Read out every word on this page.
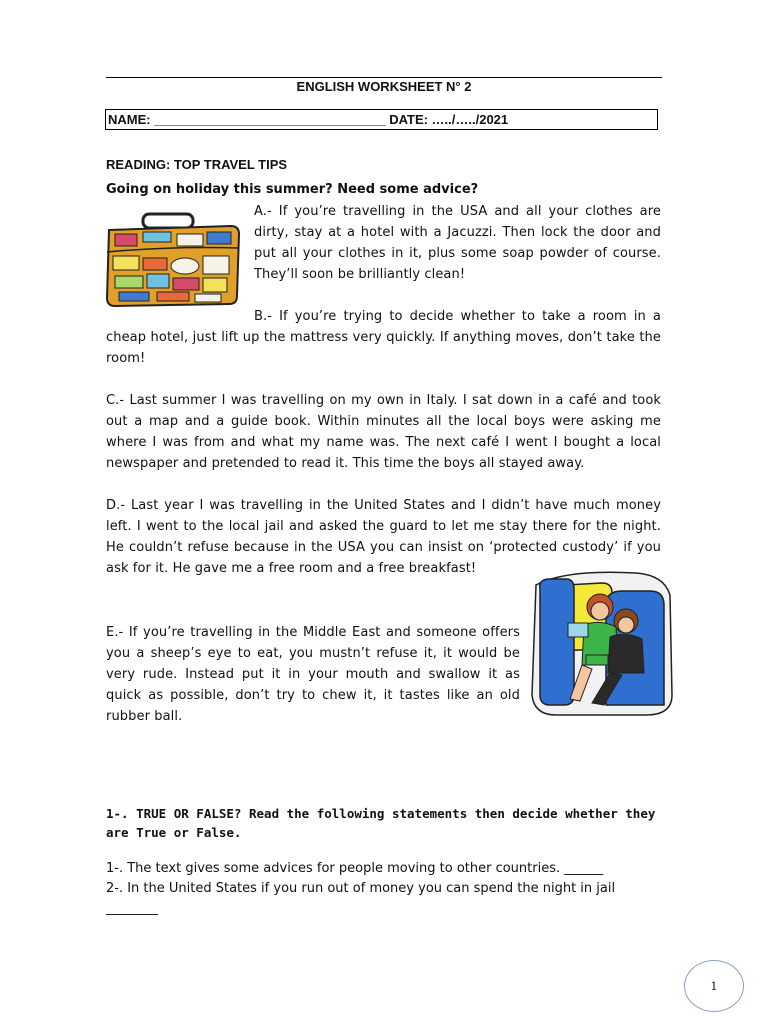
ENGLISH WORKSHEET N° 2
NAME: ________________________________ DATE: …../…../2021
READING: TOP TRAVEL TIPS
Going on holiday this summer? Need some advice?

A.- If you’re travelling in the USA and all your clothes are dirty, stay at a hotel with a Jacuzzi. Then lock the door and put all your clothes in it, plus some soap powder of course. They’ll soon be brilliantly clean!

B.- If you’re trying to decide whether to take a room in a cheap hotel, just lift up the mattress very quickly. If anything moves, don’t take the room!

C.- Last summer I was travelling on my own in Italy. I sat down in a café and took out a map and a guide book. Within minutes all the local boys were asking me where I was from and what my name was. The next café I went I bought a local newspaper and pretended to read it. This time the boys all stayed away.

D.- Last year I was travelling in the United States and I didn’t have much money left. I went to the local jail and asked the guard to let me stay there for the night. He couldn’t refuse because in the USA you can insist on ‘protected custody’ if you ask for it. He gave me a free room and a free breakfast!

E.- If you’re travelling in the Middle East and someone offers you a sheep’s eye to eat, you mustn’t refuse it, it would be very rude. Instead put it in your mouth and swallow it as quick as possible, don’t try to chew it, it tastes like an old rubber ball.

1-. TRUE OR FALSE? Read the following statements then decide whether they are True or False.
1-. The text gives some advices for people moving to other countries. ______
2-. In the United States if you run out of money you can spend the night in jail ________
1
